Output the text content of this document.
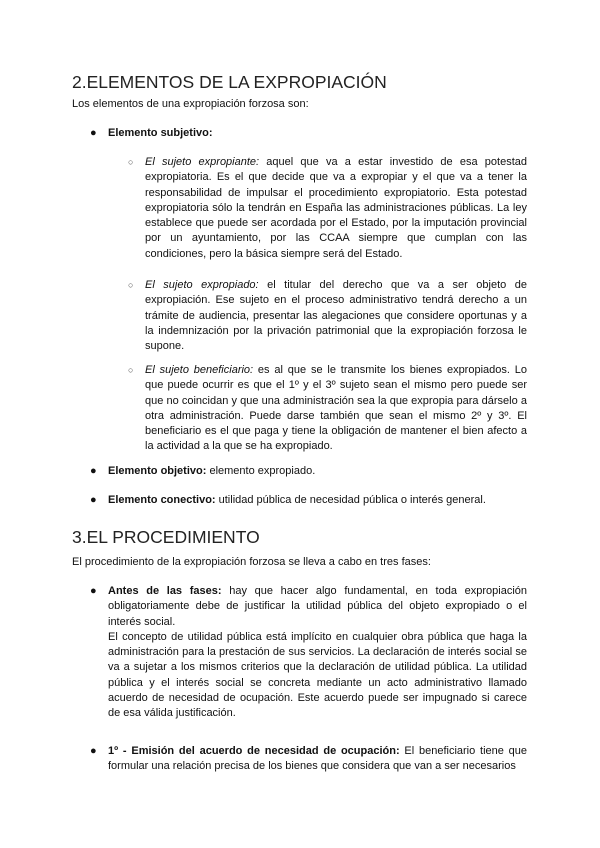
2.ELEMENTOS DE LA EXPROPIACIÓN
Los elementos de una expropiación forzosa son:
● Elemento subjetivo:
○ El sujeto expropiante: aquel que va a estar investido de esa potestad expropiatoria. Es el que decide que va a expropiar y el que va a tener la responsabilidad de impulsar el procedimiento expropiatorio. Esta potestad expropiatoria sólo la tendrán en España las administraciones públicas. La ley establece que puede ser acordada por el Estado, por la imputación provincial por un ayuntamiento, por las CCAA siempre que cumplan con las condiciones, pero la básica siempre será del Estado.
○ El sujeto expropiado: el titular del derecho que va a ser objeto de expropiación. Ese sujeto en el proceso administrativo tendrá derecho a un trámite de audiencia, presentar las alegaciones que considere oportunas y a la indemnización por la privación patrimonial que la expropiación forzosa le supone.
○ El sujeto beneficiario: es al que se le transmite los bienes expropiados. Lo que puede ocurrir es que el 1º y el 3º sujeto sean el mismo pero puede ser que no coincidan y que una administración sea la que expropia para dárselo a otra administración. Puede darse también que sean el mismo 2º y 3º. El beneficiario es el que paga y tiene la obligación de mantener el bien afecto a la actividad a la que se ha expropiado.
● Elemento objetivo: elemento expropiado.
● Elemento conectivo: utilidad pública de necesidad pública o interés general.
3.EL PROCEDIMIENTO
El procedimiento de la expropiación forzosa se lleva a cabo en tres fases:
● Antes de las fases: hay que hacer algo fundamental, en toda expropiación obligatoriamente debe de justificar la utilidad pública del objeto expropiado o el interés social.
El concepto de utilidad pública está implícito en cualquier obra pública que haga la administración para la prestación de sus servicios. La declaración de interés social se va a sujetar a los mismos criterios que la declaración de utilidad pública. La utilidad pública y el interés social se concreta mediante un acto administrativo llamado acuerdo de necesidad de ocupación. Este acuerdo puede ser impugnado si carece de esa válida justificación.
● 1º - Emisión del acuerdo de necesidad de ocupación: El beneficiario tiene que formular una relación precisa de los bienes que considera que van a ser necesarios
